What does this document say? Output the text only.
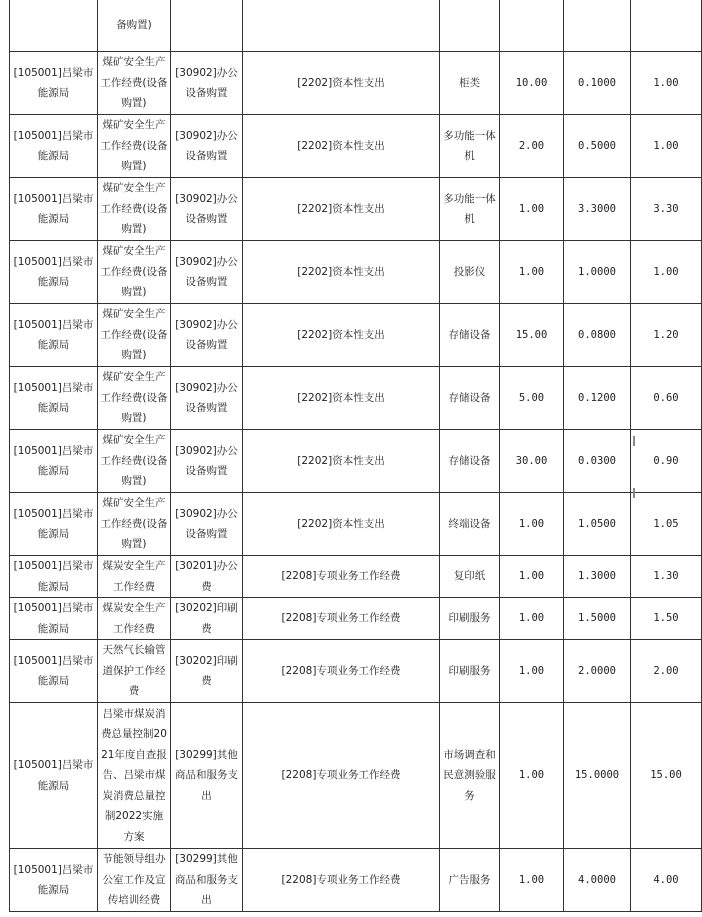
	备购置)						
[105001]吕梁市能源局	煤矿安全生产工作经费(设备购置)	[30902]办公设备购置	[2202]资本性支出	柜类	10.00	0.1000	1.00
[105001]吕梁市能源局	煤矿安全生产工作经费(设备购置)	[30902]办公设备购置	[2202]资本性支出	多功能一体机	2.00	0.5000	1.00
[105001]吕梁市能源局	煤矿安全生产工作经费(设备购置)	[30902]办公设备购置	[2202]资本性支出	多功能一体机	1.00	3.3000	3.30
[105001]吕梁市能源局	煤矿安全生产工作经费(设备购置)	[30902]办公设备购置	[2202]资本性支出	投影仪	1.00	1.0000	1.00
[105001]吕梁市能源局	煤矿安全生产工作经费(设备购置)	[30902]办公设备购置	[2202]资本性支出	存储设备	15.00	0.0800	1.20
[105001]吕梁市能源局	煤矿安全生产工作经费(设备购置)	[30902]办公设备购置	[2202]资本性支出	存储设备	5.00	0.1200	0.60
[105001]吕梁市能源局	煤矿安全生产工作经费(设备购置)	[30902]办公设备购置	[2202]资本性支出	存储设备	30.00	0.0300	0.90
[105001]吕梁市能源局	煤矿安全生产工作经费(设备购置)	[30902]办公设备购置	[2202]资本性支出	终端设备	1.00	1.0500	1.05
[105001]吕梁市能源局	煤炭安全生产工作经费	[30201]办公费	[2208]专项业务工作经费	复印纸	1.00	1.3000	1.30
[105001]吕梁市能源局	煤炭安全生产工作经费	[30202]印刷费	[2208]专项业务工作经费	印刷服务	1.00	1.5000	1.50
[105001]吕梁市能源局	天然气长输管道保护工作经费	[30202]印刷费	[2208]专项业务工作经费	印刷服务	1.00	2.0000	2.00
[105001]吕梁市能源局	吕梁市煤炭消费总量控制2021年度自查报告、吕梁市煤炭消费总量控制2022实施方案	[30299]其他商品和服务支出	[2208]专项业务工作经费	市场调查和民意测验服务	1.00	15.0000	15.00
[105001]吕梁市能源局	节能领导组办公室工作及宣传培训经费	[30299]其他商品和服务支出	[2208]专项业务工作经费	广告服务	1.00	4.0000	4.00
